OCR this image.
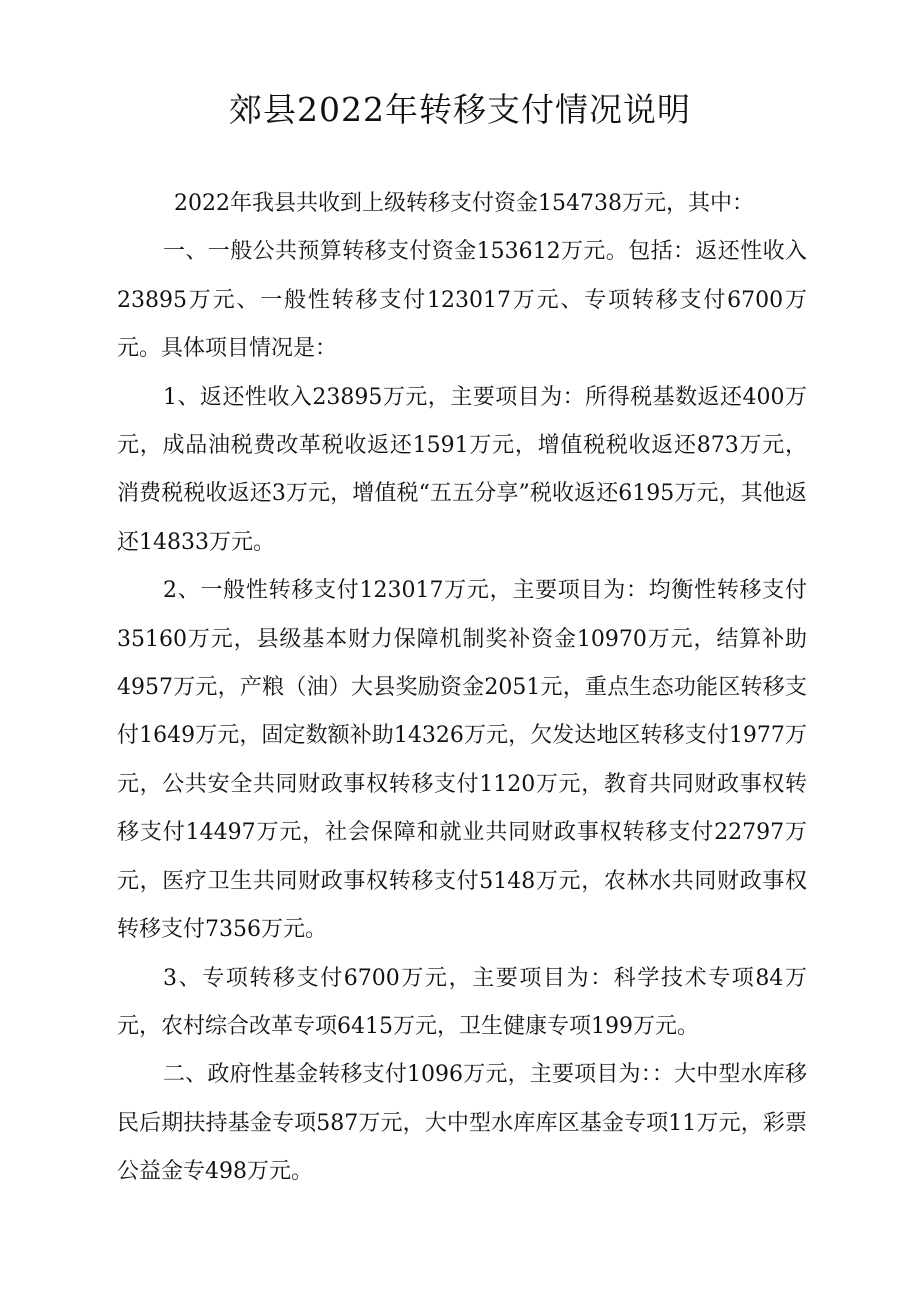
郊县2022年转移支付情况说明

2022年我县共收到上级转移支付资金154738万元，其中：

一、一般公共预算转移支付资金153612万元。包括：返还性收入23895万元、一般性转移支付123017万元、专项转移支付6700万元。具体项目情况是：

1、返还性收入23895万元，主要项目为：所得税基数返还400万元，成品油税费改革税收返还1591万元，增值税税收返还873万元，消费税税收返还3万元，增值税“五五分享”税收返还6195万元，其他返还14833万元。

2、一般性转移支付123017万元，主要项目为：均衡性转移支付35160万元，县级基本财力保障机制奖补资金10970万元，结算补助4957万元，产粮（油）大县奖励资金2051元，重点生态功能区转移支付1649万元，固定数额补助14326万元，欠发达地区转移支付1977万元，公共安全共同财政事权转移支付1120万元，教育共同财政事权转移支付14497万元，社会保障和就业共同财政事权转移支付22797万元，医疗卫生共同财政事权转移支付5148万元，农林水共同财政事权转移支付7356万元。

3、专项转移支付6700万元，主要项目为：科学技术专项84万元，农村综合改革专项6415万元，卫生健康专项199万元。

二、政府性基金转移支付1096万元，主要项目为：：大中型水库移民后期扶持基金专项587万元，大中型水库库区基金专项11万元，彩票公益金专498万元。
